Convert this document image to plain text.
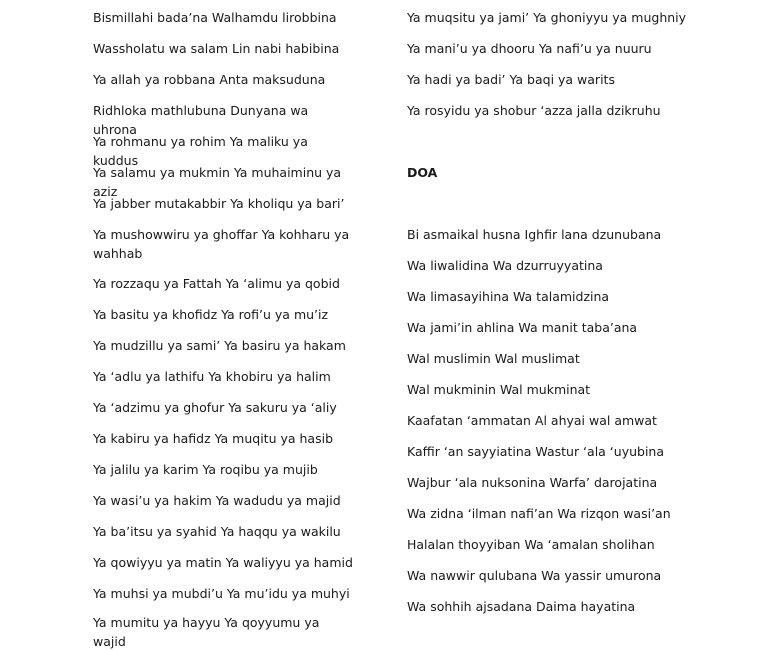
Bismillahi bada’na Walhamdu lirobbina
Wassholatu wa salam Lin nabi habibina
Ya allah ya robbana Anta maksuduna
Ridhloka mathlubuna Dunyana wa uhrona
Ya rohmanu ya rohim Ya maliku ya kuddus
Ya salamu ya mukmin Ya muhaiminu ya aziz
Ya jabber mutakabbir Ya kholiqu ya bari’
Ya mushowwiru ya ghoffar Ya kohharu ya wahhab
Ya rozzaqu ya Fattah Ya ‘alimu ya qobid
Ya basitu ya khofidz Ya rofi’u ya mu’iz
Ya mudzillu ya sami’ Ya basiru ya hakam
Ya ‘adlu ya lathifu Ya khobiru ya halim
Ya ‘adzimu ya ghofur Ya sakuru ya ‘aliy
Ya kabiru ya hafidz Ya muqitu ya hasib
Ya jalilu ya karim Ya roqibu ya mujib
Ya wasi’u ya hakim Ya wadudu ya majid
Ya ba’itsu ya syahid Ya haqqu ya wakilu
Ya qowiyyu ya matin Ya waliyyu ya hamid
Ya muhsi ya mubdi’u Ya mu’idu ya muhyi
Ya mumitu ya hayyu Ya qoyyumu ya wajid
Ya muqsitu ya jami’ Ya ghoniyyu ya mughniy
Ya mani’u ya dhooru Ya nafi’u ya nuuru
Ya hadi ya badi’ Ya baqi ya warits
Ya rosyidu ya shobur ‘azza jalla dzikruhu
DOA
Bi asmaikal husna Ighfir lana dzunubana
Wa liwalidina Wa dzurruyyatina
Wa limasayihina Wa talamidzina
Wa jami’in ahlina Wa manit taba’ana
Wal muslimin Wal muslimat
Wal mukminin Wal mukminat
Kaafatan ‘ammatan Al ahyai wal amwat
Kaffir ‘an sayyiatina Wastur ‘ala ‘uyubina
Wajbur ‘ala nuksonina Warfa’ darojatina
Wa zidna ‘ilman nafi’an Wa rizqon wasi’an
Halalan thoyyiban Wa ‘amalan sholihan
Wa nawwir qulubana Wa yassir umurona
Wa sohhih ajsadana Daima hayatina
